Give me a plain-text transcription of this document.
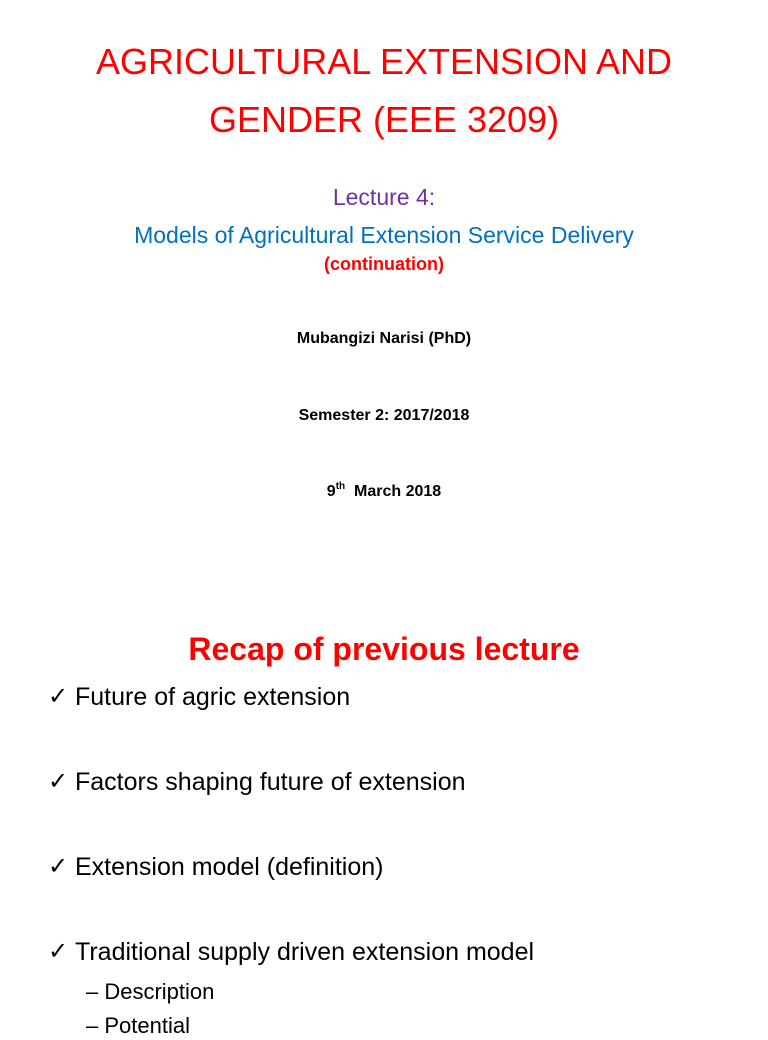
AGRICULTURAL EXTENSION AND
GENDER (EEE 3209)
Lecture 4:
Models of Agricultural Extension Service Delivery
(continuation)
Mubangizi Narisi (PhD)
Semester 2: 2017/2018
9th  March 2018
Recap of previous lecture
✓ Future of agric extension
✓ Factors shaping future of extension
✓ Extension model (definition)
✓ Traditional supply driven extension model
– Description
– Potential
